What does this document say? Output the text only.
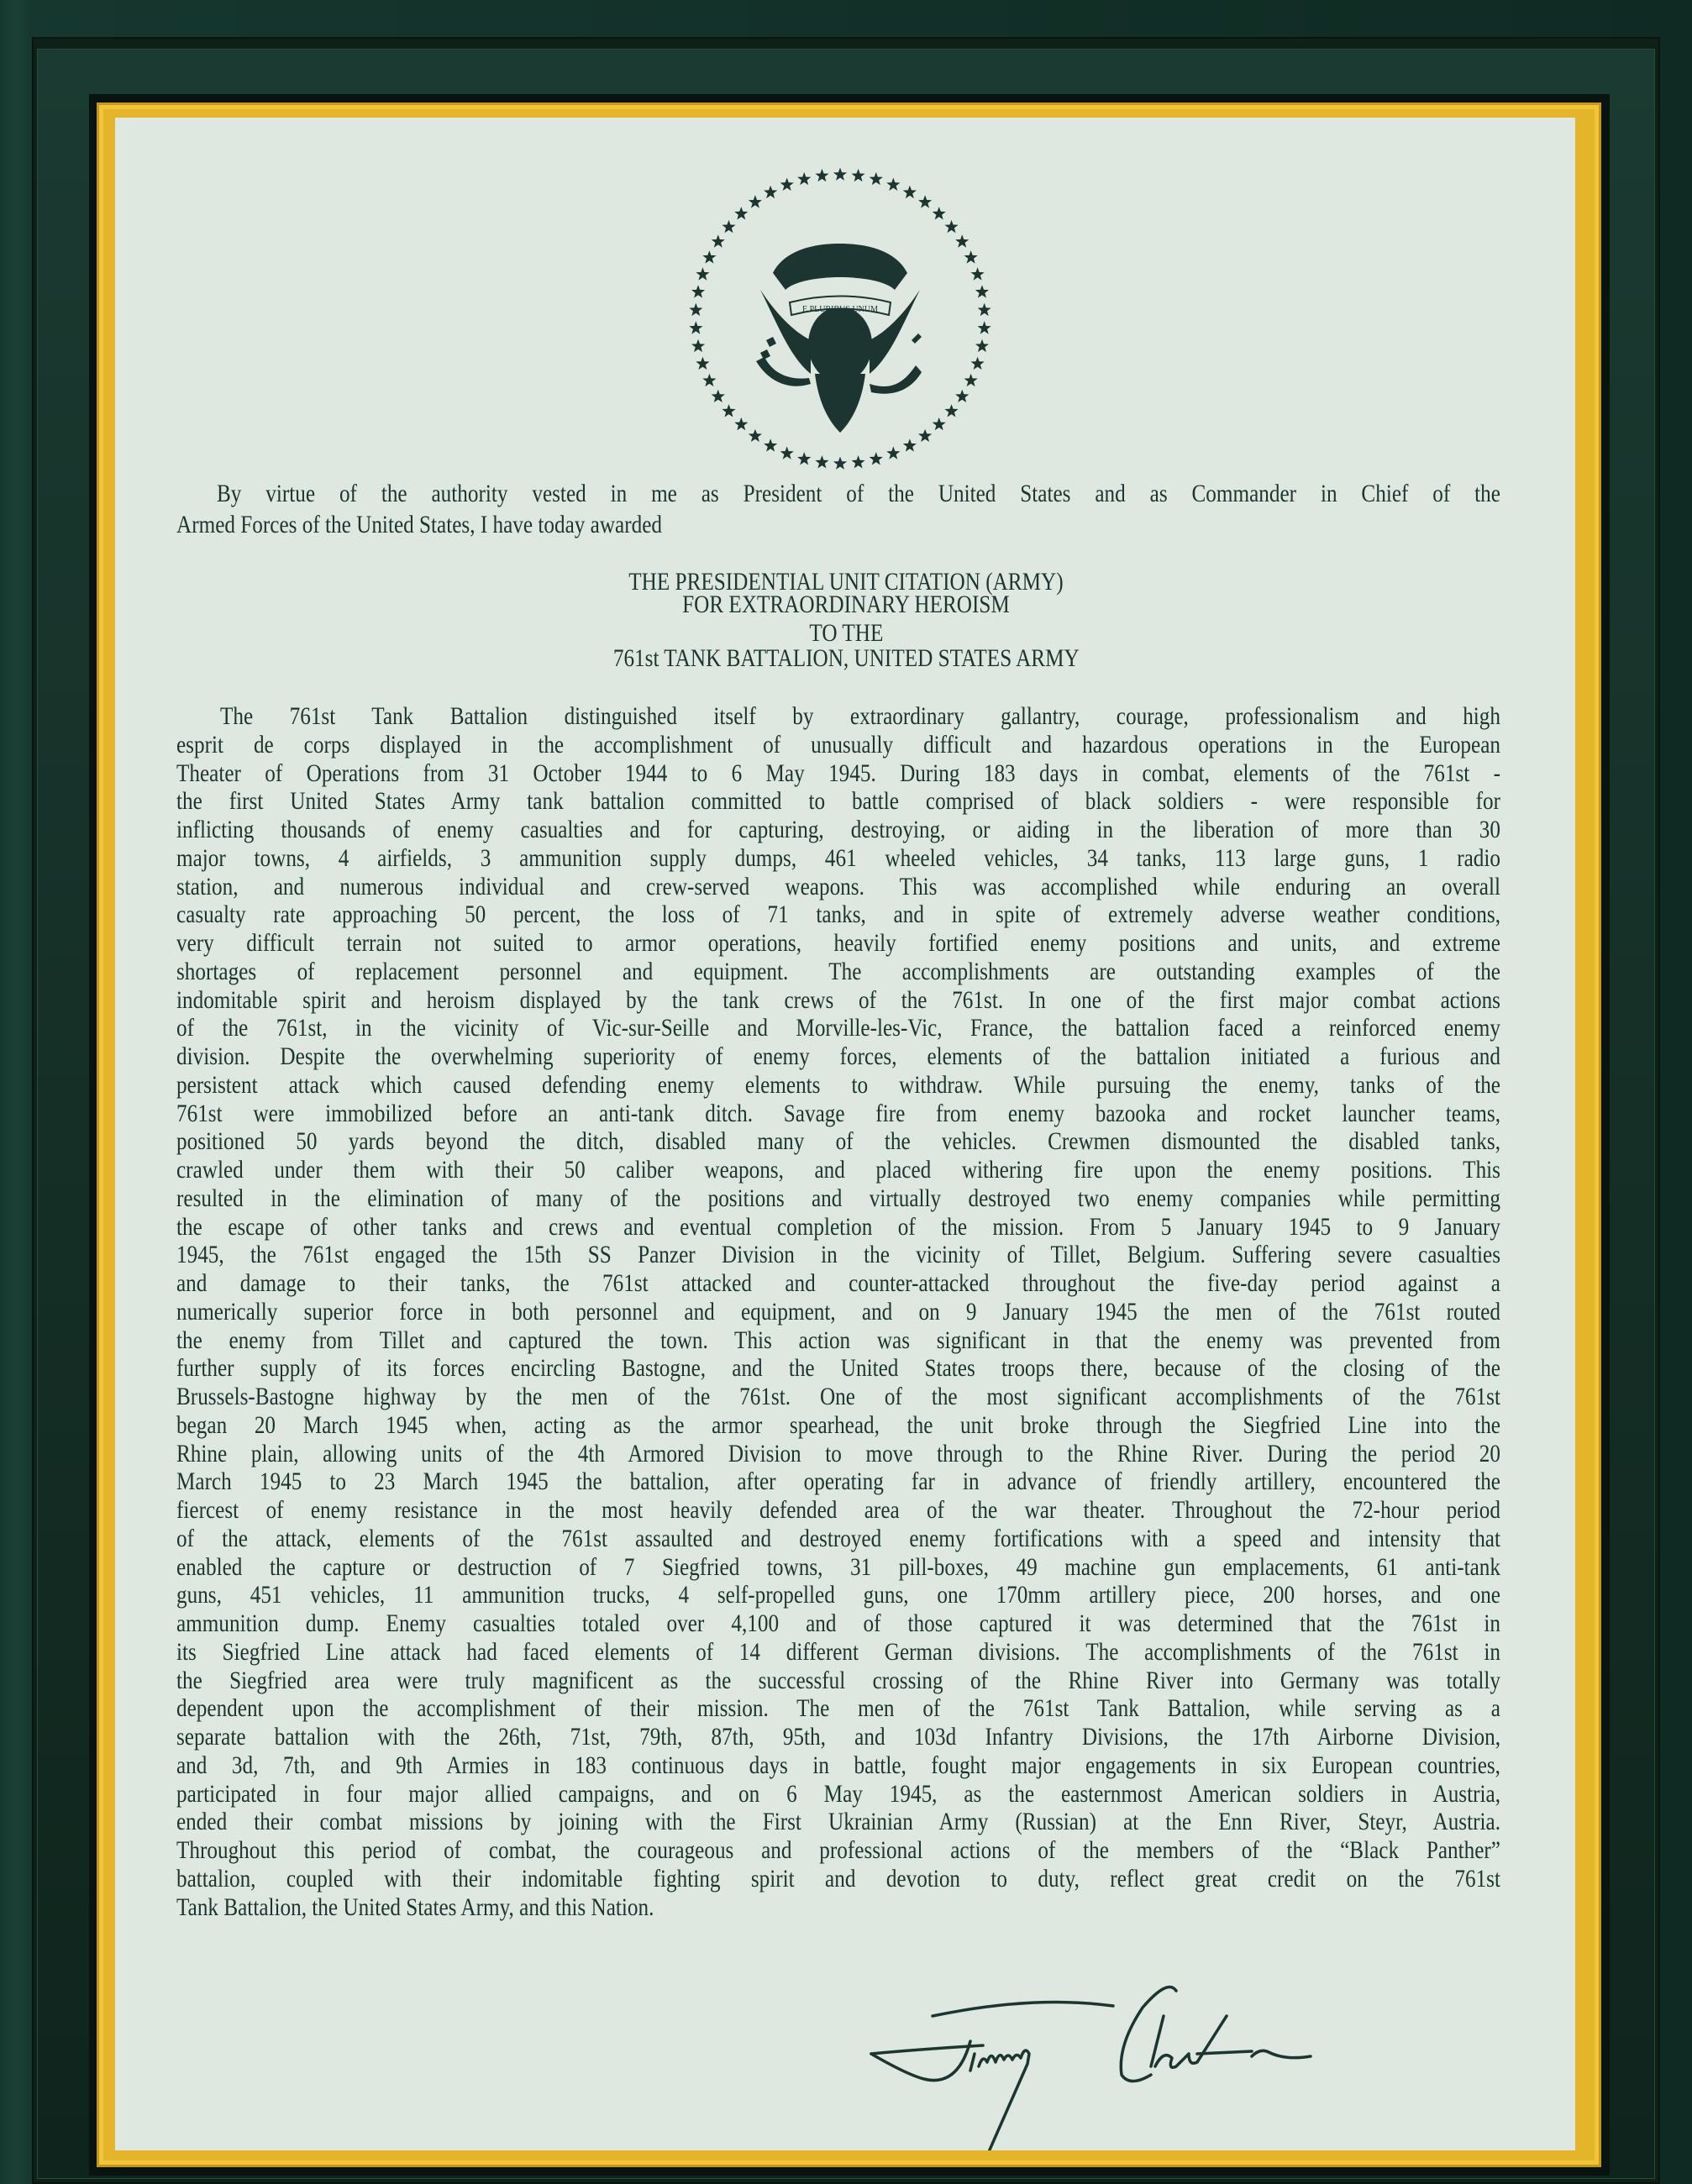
E PLURIBUS UNUM
By virtue of the authority vested in me as President of the United States and as Commander in Chief of the
Armed Forces of the United States, I have today awarded
THE PRESIDENTIAL UNIT CITATION (ARMY)
FOR EXTRAORDINARY HEROISM
TO THE
761st TANK BATTALION, UNITED STATES ARMY
The 761st Tank Battalion distinguished itself by extraordinary gallantry, courage, professionalism and high
esprit de corps displayed in the accomplishment of unusually difficult and hazardous operations in the European
Theater of Operations from 31 October 1944 to 6 May 1945. During 183 days in combat, elements of the 761st -
the first United States Army tank battalion committed to battle comprised of black soldiers - were responsible for
inflicting thousands of enemy casualties and for capturing, destroying, or aiding in the liberation of more than 30
major towns, 4 airfields, 3 ammunition supply dumps, 461 wheeled vehicles, 34 tanks, 113 large guns, 1 radio
station, and numerous individual and crew-served weapons. This was accomplished while enduring an overall
casualty rate approaching 50 percent, the loss of 71 tanks, and in spite of extremely adverse weather conditions,
very difficult terrain not suited to armor operations, heavily fortified enemy positions and units, and extreme
shortages of replacement personnel and equipment. The accomplishments are outstanding examples of the
indomitable spirit and heroism displayed by the tank crews of the 761st. In one of the first major combat actions
of the 761st, in the vicinity of Vic-sur-Seille and Morville-les-Vic, France, the battalion faced a reinforced enemy
division. Despite the overwhelming superiority of enemy forces, elements of the battalion initiated a furious and
persistent attack which caused defending enemy elements to withdraw. While pursuing the enemy, tanks of the
761st were immobilized before an anti-tank ditch. Savage fire from enemy bazooka and rocket launcher teams,
positioned 50 yards beyond the ditch, disabled many of the vehicles. Crewmen dismounted the disabled tanks,
crawled under them with their 50 caliber weapons, and placed withering fire upon the enemy positions. This
resulted in the elimination of many of the positions and virtually destroyed two enemy companies while permitting
the escape of other tanks and crews and eventual completion of the mission. From 5 January 1945 to 9 January
1945, the 761st engaged the 15th SS Panzer Division in the vicinity of Tillet, Belgium. Suffering severe casualties
and damage to their tanks, the 761st attacked and counter-attacked throughout the five-day period against a
numerically superior force in both personnel and equipment, and on 9 January 1945 the men of the 761st routed
the enemy from Tillet and captured the town. This action was significant in that the enemy was prevented from
further supply of its forces encircling Bastogne, and the United States troops there, because of the closing of the
Brussels-Bastogne highway by the men of the 761st. One of the most significant accomplishments of the 761st
began 20 March 1945 when, acting as the armor spearhead, the unit broke through the Siegfried Line into the
Rhine plain, allowing units of the 4th Armored Division to move through to the Rhine River. During the period 20
March 1945 to 23 March 1945 the battalion, after operating far in advance of friendly artillery, encountered the
fiercest of enemy resistance in the most heavily defended area of the war theater. Throughout the 72-hour period
of the attack, elements of the 761st assaulted and destroyed enemy fortifications with a speed and intensity that
enabled the capture or destruction of 7 Siegfried towns, 31 pill-boxes, 49 machine gun emplacements, 61 anti-tank
guns, 451 vehicles, 11 ammunition trucks, 4 self-propelled guns, one 170mm artillery piece, 200 horses, and one
ammunition dump. Enemy casualties totaled over 4,100 and of those captured it was determined that the 761st in
its Siegfried Line attack had faced elements of 14 different German divisions. The accomplishments of the 761st in
the Siegfried area were truly magnificent as the successful crossing of the Rhine River into Germany was totally
dependent upon the accomplishment of their mission. The men of the 761st Tank Battalion, while serving as a
separate battalion with the 26th, 71st, 79th, 87th, 95th, and 103d Infantry Divisions, the 17th Airborne Division,
and 3d, 7th, and 9th Armies in 183 continuous days in battle, fought major engagements in six European countries,
participated in four major allied campaigns, and on 6 May 1945, as the easternmost American soldiers in Austria,
ended their combat missions by joining with the First Ukrainian Army (Russian) at the Enn River, Steyr, Austria.
Throughout this period of combat, the courageous and professional actions of the members of the “Black Panther”
battalion, coupled with their indomitable fighting spirit and devotion to duty, reflect great credit on the 761st
Tank Battalion, the United States Army, and this Nation.
